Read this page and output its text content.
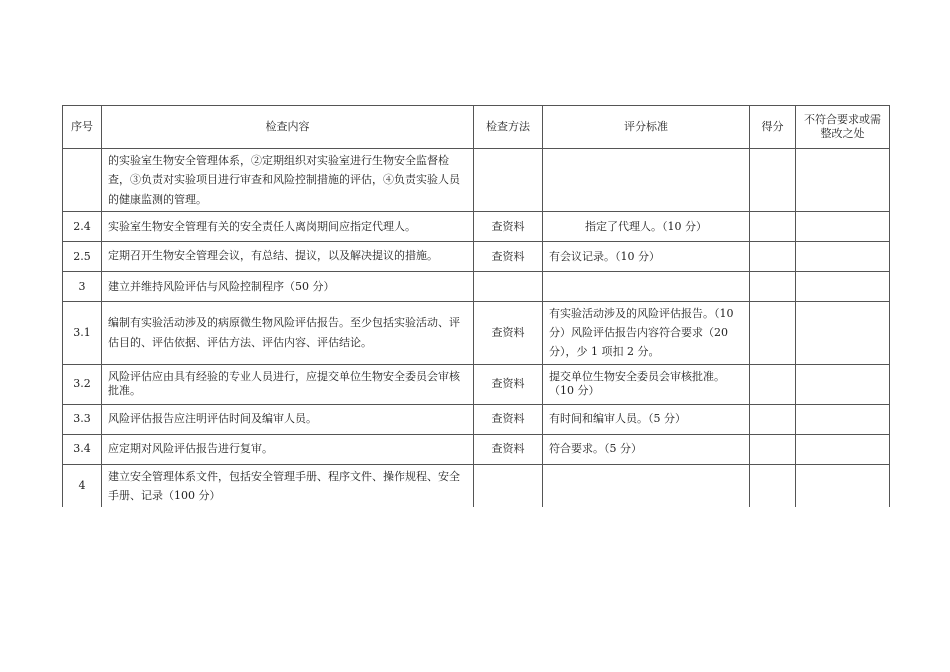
序号	检查内容	检查方法	评分标准	得分	不符合要求或需整改之处
	的实验室生物安全管理体系，②定期组织对实验室进行生物安全监督检查，③负责对实验项目进行审查和风险控制措施的评估，④负责实验人员的健康监测的管理。				
2.4	实验室生物安全管理有关的安全责任人离岗期间应指定代理人。	查资料	指定了代理人。（10 分）		
2.5	定期召开生物安全管理会议，有总结、提议，以及解决提议的措施。	查资料	有会议记录。（10 分）		
3	建立并维持风险评估与风险控制程序（50 分）				
3.1	编制有实验活动涉及的病原微生物风险评估报告。至少包括实验活动、评估目的、评估依据、评估方法、评估内容、评估结论。	查资料	有实验活动涉及的风险评估报告。（10 分）风险评估报告内容符合要求（20 分），少 1 项扣 2 分。		
3.2	风险评估应由具有经验的专业人员进行，应提交单位生物安全委员会审核批准。	查资料	提交单位生物安全委员会审核批准。（10 分）		
3.3	风险评估报告应注明评估时间及编审人员。	查资料	有时间和编审人员。（5 分）		
3.4	应定期对风险评估报告进行复审。	查资料	符合要求。（5 分）		
4	建立安全管理体系文件，包括安全管理手册、程序文件、操作规程、安全手册、记录（100 分）				
